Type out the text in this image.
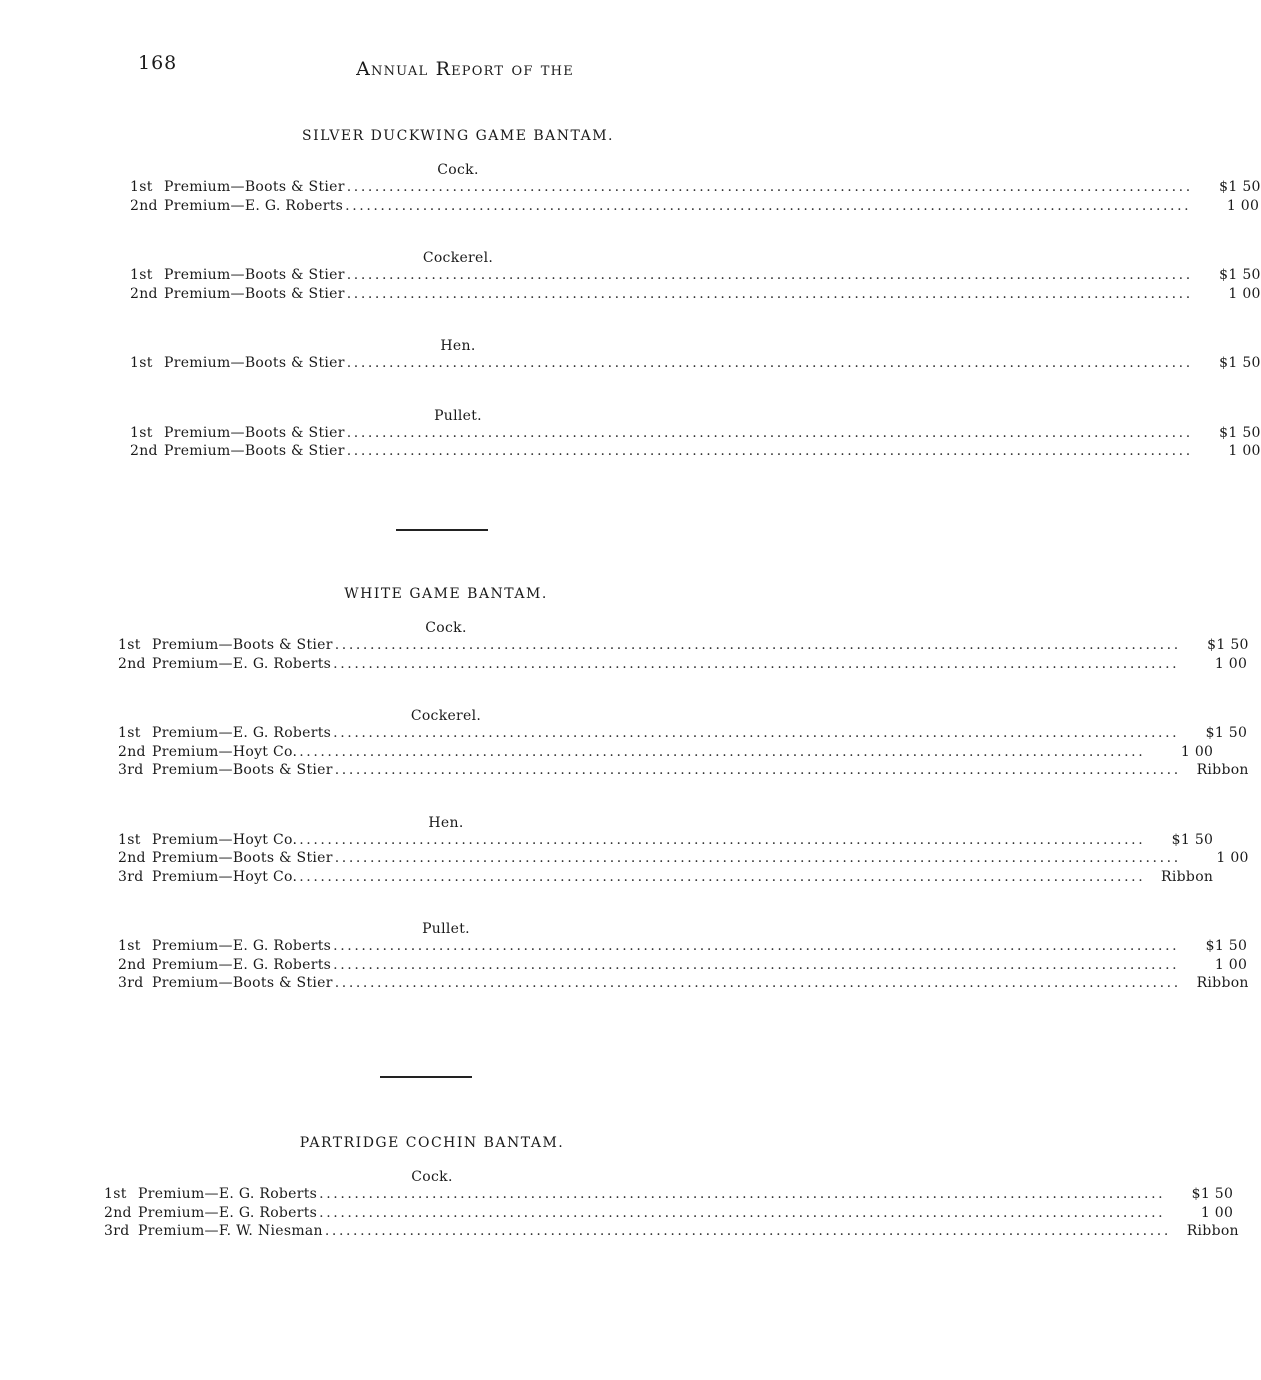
168	Annual Report of the
SILVER DUCKWING GAME BANTAM.
Cock.
1st Premium—Boots & Stier ........................................................................................................................	$1 50
2nd Premium—E. G. Roberts ........................................................................................................................	1 00
Cockerel.
1st Premium—Boots & Stier ........................................................................................................................	$1 50
2nd Premium—Boots & Stier ........................................................................................................................	1 00
Hen.
1st Premium—Boots & Stier ........................................................................................................................	$1 50
Pullet.
1st Premium—Boots & Stier ........................................................................................................................	$1 50
2nd Premium—Boots & Stier ........................................................................................................................	1 00
WHITE GAME BANTAM.
Cock.
1st Premium—Boots & Stier ........................................................................................................................	$1 50
2nd Premium—E. G. Roberts ........................................................................................................................	1 00
Cockerel.
1st Premium—E. G. Roberts ........................................................................................................................	$1 50
2nd Premium—Hoyt Co. ........................................................................................................................	1 00
3rd Premium—Boots & Stier ........................................................................................................................	Ribbon
Hen.
1st Premium—Hoyt Co. ........................................................................................................................	$1 50
2nd Premium—Boots & Stier ........................................................................................................................	1 00
3rd Premium—Hoyt Co. ........................................................................................................................	Ribbon
Pullet.
1st Premium—E. G. Roberts ........................................................................................................................	$1 50
2nd Premium—E. G. Roberts ........................................................................................................................	1 00
3rd Premium—Boots & Stier ........................................................................................................................	Ribbon
PARTRIDGE COCHIN BANTAM.
Cock.
1st Premium—E. G. Roberts ........................................................................................................................	$1 50
2nd Premium—E. G. Roberts ........................................................................................................................	1 00
3rd Premium—F. W. Niesman ........................................................................................................................	Ribbon
